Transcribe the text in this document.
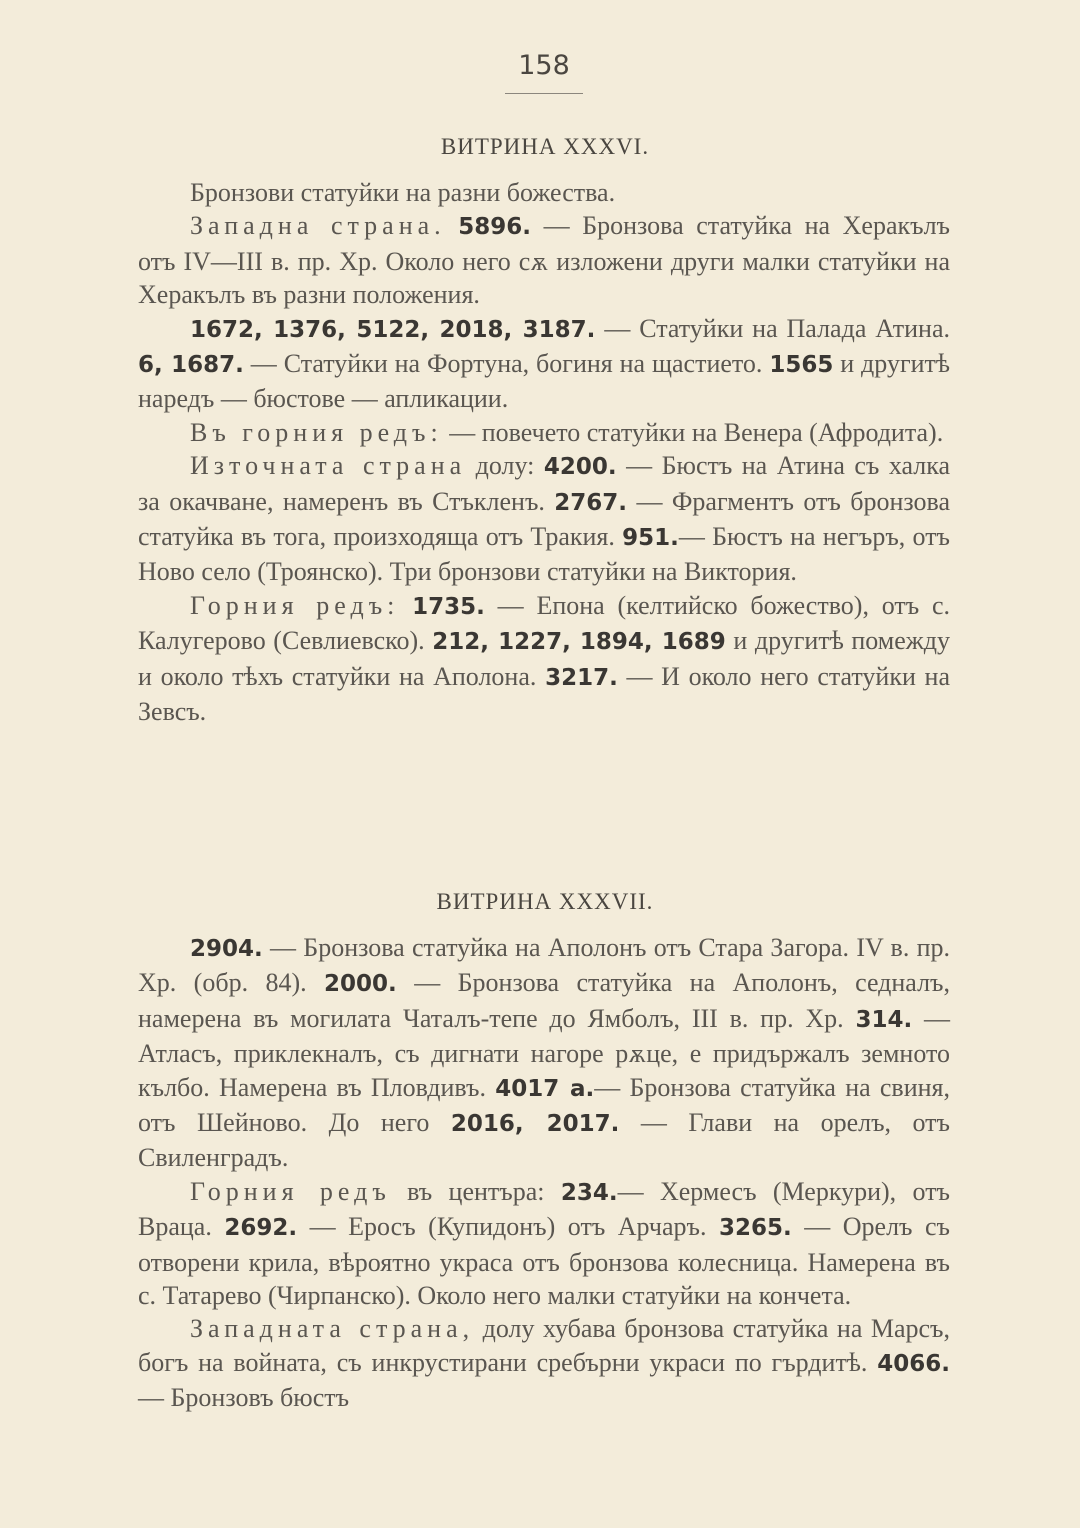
158
ВИТРИНА XXXVI.

Бронзови статуйки на разни божества.

Западна страна. 5896. — Бронзова статуйка на Херакълъ отъ IV—III в. пр. Хр. Около него сѫ изложени други малки статуйки на Херакълъ въ разни положения.

1672, 1376, 5122, 2018, 3187. — Статуйки на Палада Атина. 6, 1687. — Статуйки на Фортуна, богиня на щастието. 1565 и другитѣ наредъ — бюстове — апликации.

Въ горния редъ: — повечето статуйки на Венера (Афродита).

Източната страна долу: 4200. — Бюстъ на Атина съ халка за окачване, намеренъ въ Стъкленъ. 2767. — Фрагментъ отъ бронзова статуйка въ тога, произходяща отъ Тракия. 951.— Бюстъ на негъръ, отъ Ново село (Троянско). Три бронзови статуйки на Виктория.

Горния редъ: 1735. — Епона (келтийско божество), отъ с. Калугерово (Севлиевско). 212, 1227, 1894, 1689 и другитѣ помежду и около тѣхъ статуйки на Аполона. 3217. — И около него статуйки на Зевсъ.

ВИТРИНА XXXVII.

2904. — Бронзова статуйка на Аполонъ отъ Стара Загора. IV в. пр. Хр. (обр. 84). 2000. — Бронзова статуйка на Аполонъ, седналъ, намерена въ могилата Чаталъ-тепе до Ямболъ, III в. пр. Хр. 314. — Атласъ, приклекналъ, съ дигнати нагоре рѫце, е придържалъ земното кълбо. Намерена въ Пловдивъ. 4017 а.— Бронзова статуйка на свиня, отъ Шейново. До него 2016, 2017. — Глави на орелъ, отъ Свиленградъ.

Горния редъ въ центъра: 234.— Хермесъ (Меркури), отъ Враца. 2692. — Еросъ (Купидонъ) отъ Арчаръ. 3265. — Орелъ съ отворени крила, вѣроятно украса отъ бронзова колесница. Намерена въ с. Татарево (Чирпанско). Около него малки статуйки на кончета.

Западната страна, долу хубава бронзова статуйка на Марсъ, богъ на войната, съ инкрустирани сребърни украси по гърдитѣ. 4066. — Бронзовъ бюстъ
